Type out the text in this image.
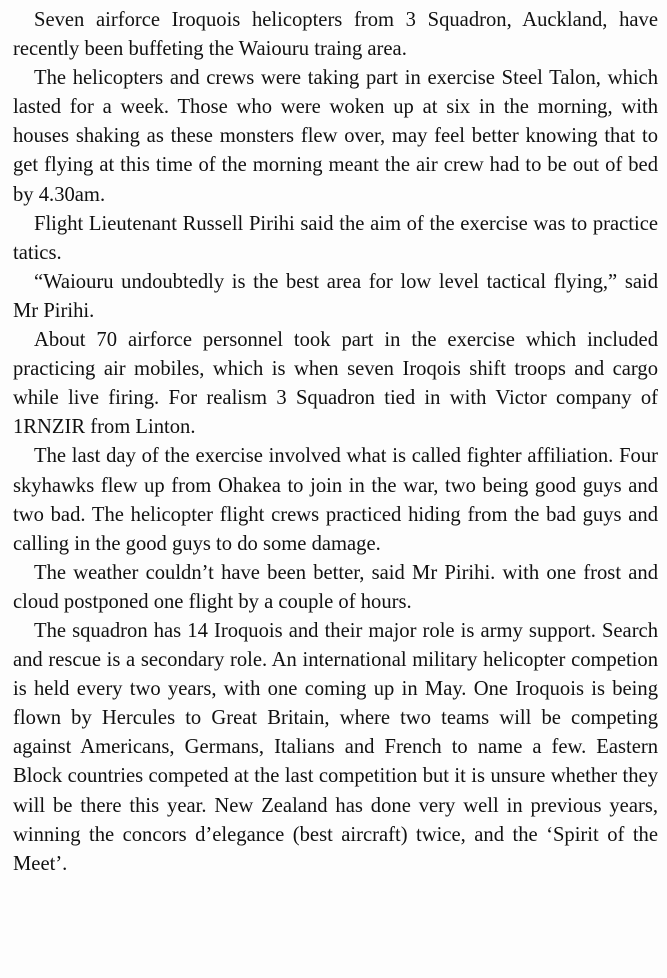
Seven airforce Iroquois helicopters from 3 Squadron, Auckland, have recently been buffeting the Waiouru traing area.

The helicopters and crews were taking part in exercise Steel Talon, which lasted for a week. Those who were woken up at six in the morning, with houses shaking as these monsters flew over, may feel better knowing that to get flying at this time of the morning meant the air crew had to be out of bed by 4.30am.

Flight Lieutenant Russell Pirihi said the aim of the exercise was to practice tatics.

“Waiouru undoubtedly is the best area for low level tactical flying,” said Mr Pirihi.

About 70 airforce personnel took part in the exercise which included practicing air mobiles, which is when seven Iroqois shift troops and cargo while live firing. For realism 3 Squadron tied in with Victor company of 1RNZIR from Linton.

The last day of the exercise involved what is called fighter affiliation. Four skyhawks flew up from Ohakea to join in the war, two being good guys and two bad. The helicopter flight crews practiced hiding from the bad guys and calling in the good guys to do some damage.

The weather couldn’t have been better, said Mr Pirihi. with one frost and cloud postponed one flight by a couple of hours.

The squadron has 14 Iroquois and their major role is army support. Search and rescue is a secondary role. An international military helicopter competion is held every two years, with one coming up in May. One Iroquois is being flown by Hercules to Great Britain, where two teams will be competing against Americans, Germans, Italians and French to name a few. Eastern Block countries competed at the last competition but it is unsure whether they will be there this year. New Zealand has done very well in previous years, winning the concors d’elegance (best aircraft) twice, and the ‘Spirit of the Meet’.
